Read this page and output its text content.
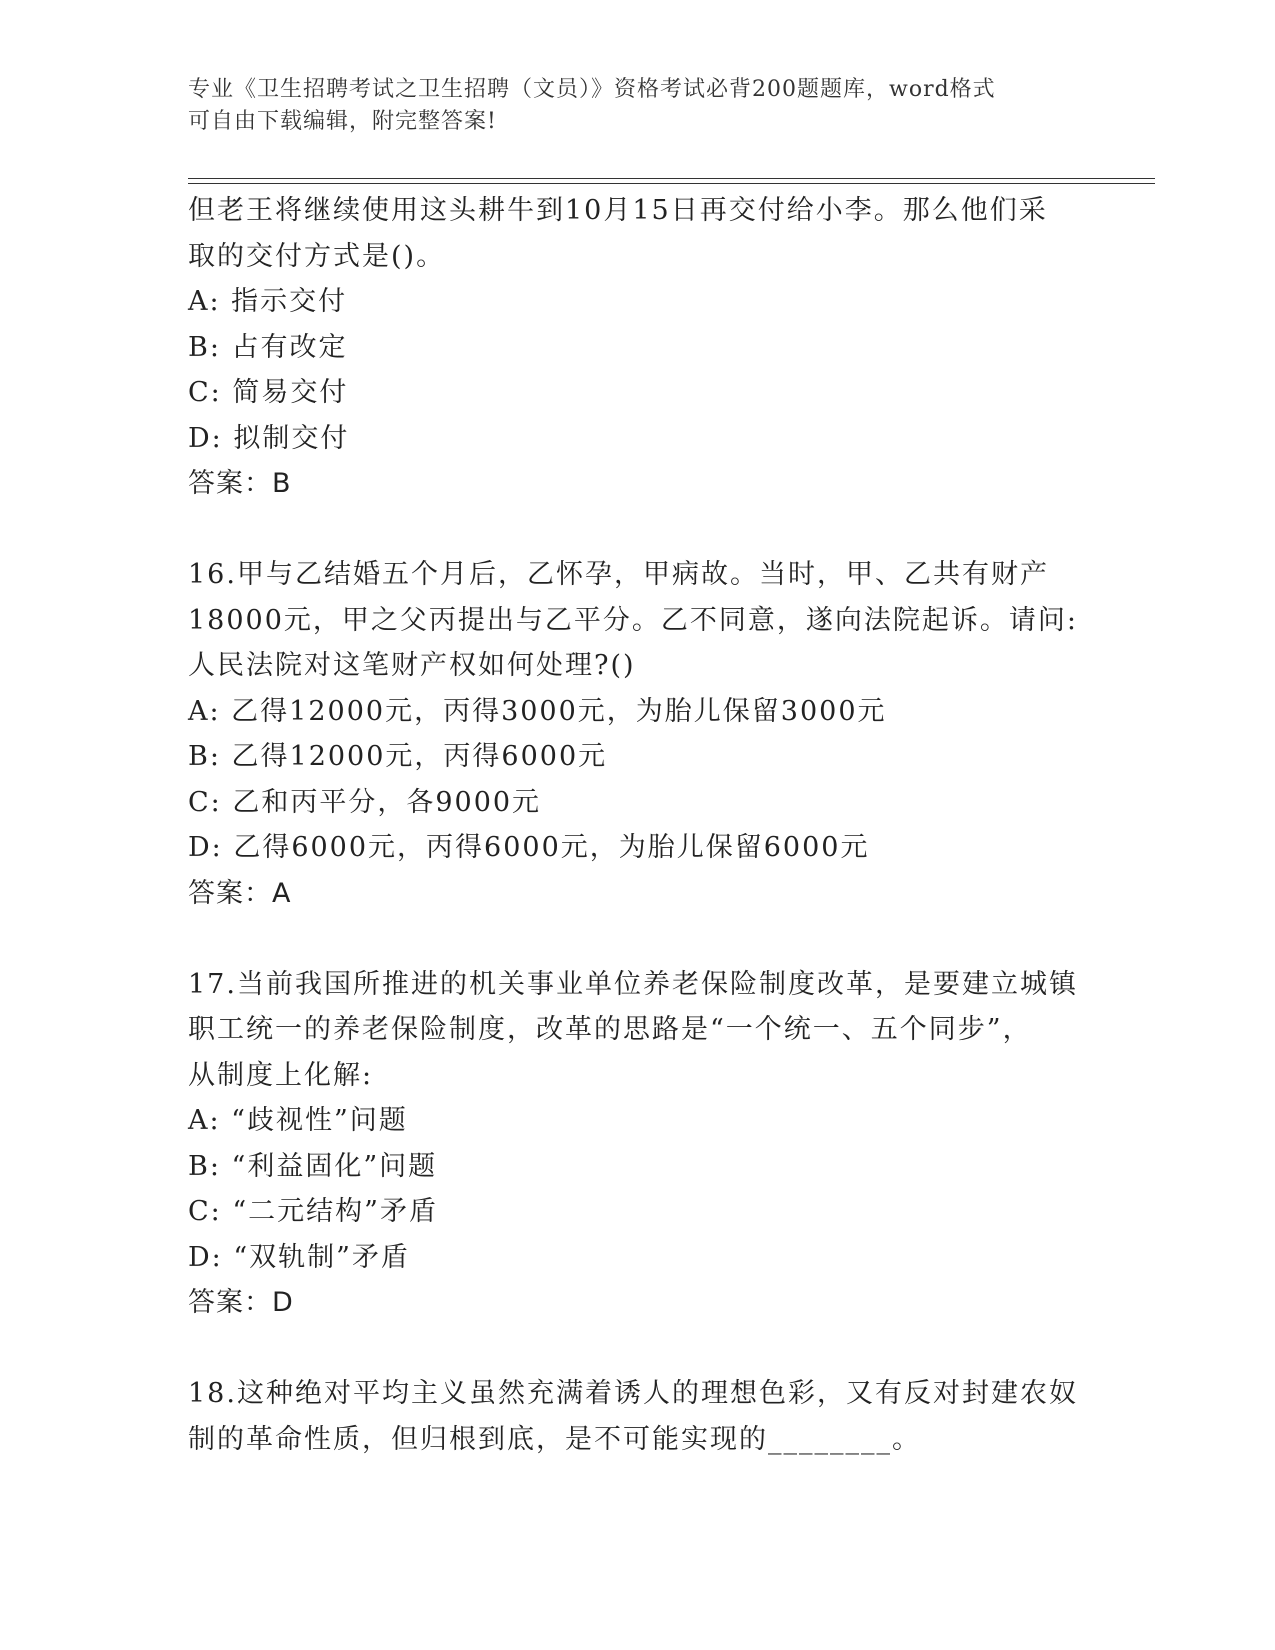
专业《卫生招聘考试之卫生招聘（文员）》资格考试必背200题题库，word格式
可自由下载编辑，附完整答案!
但老王将继续使用这头耕牛到10月15日再交付给小李。那么他们采
取的交付方式是()。
A: 指示交付
B: 占有改定
C: 简易交付
D: 拟制交付
答案：B
16.甲与乙结婚五个月后，乙怀孕，甲病故。当时，甲、乙共有财产
18000元，甲之父丙提出与乙平分。乙不同意，遂向法院起诉。请问:
人民法院对这笔财产权如何处理?()
A: 乙得12000元，丙得3000元，为胎儿保留3000元
B: 乙得12000元，丙得6000元
C: 乙和丙平分，各9000元
D: 乙得6000元，丙得6000元，为胎儿保留6000元
答案：A
17.当前我国所推进的机关事业单位养老保险制度改革，是要建立城镇
职工统一的养老保险制度，改革的思路是“一个统一、五个同步”，
从制度上化解:
A: “歧视性”问题
B: “利益固化”问题
C: “二元结构”矛盾
D: “双轨制”矛盾
答案：D
18.这种绝对平均主义虽然充满着诱人的理想色彩，又有反对封建农奴
制的革命性质，但归根到底，是不可能实现的________。
